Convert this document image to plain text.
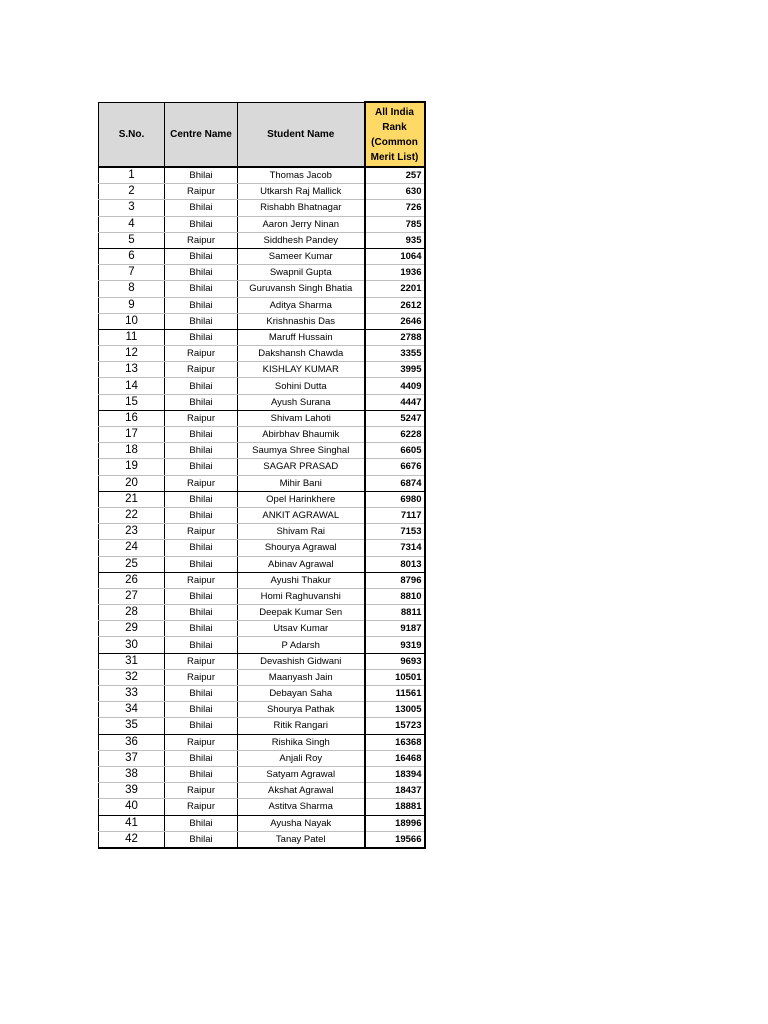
S.No.	Centre Name	Student Name	All India
Rank
(Common
Merit List)
1	Bhilai	Thomas Jacob	257
2	Raipur	Utkarsh Raj Mallick	630
3	Bhilai	Rishabh Bhatnagar	726
4	Bhilai	Aaron Jerry Ninan	785
5	Raipur	Siddhesh Pandey	935
6	Bhilai	Sameer Kumar	1064
7	Bhilai	Swapnil Gupta	1936
8	Bhilai	Guruvansh Singh Bhatia	2201
9	Bhilai	Aditya Sharma	2612
10	Bhilai	Krishnashis Das	2646
11	Bhilai	Maruff Hussain	2788
12	Raipur	Dakshansh Chawda	3355
13	Raipur	KISHLAY KUMAR	3995
14	Bhilai	Sohini Dutta	4409
15	Bhilai	Ayush Surana	4447
16	Raipur	Shivam Lahoti	5247
17	Bhilai	Abirbhav Bhaumik	6228
18	Bhilai	Saumya Shree Singhal	6605
19	Bhilai	SAGAR PRASAD	6676
20	Raipur	Mihir Bani	6874
21	Bhilai	Opel Harinkhere	6980
22	Bhilai	ANKIT AGRAWAL	7117
23	Raipur	Shivam Rai	7153
24	Bhilai	Shourya Agrawal	7314
25	Bhilai	Abinav Agrawal	8013
26	Raipur	Ayushi Thakur	8796
27	Bhilai	Homi Raghuvanshi	8810
28	Bhilai	Deepak Kumar Sen	8811
29	Bhilai	Utsav Kumar	9187
30	Bhilai	P Adarsh	9319
31	Raipur	Devashish Gidwani	9693
32	Raipur	Maanyash Jain	10501
33	Bhilai	Debayan Saha	11561
34	Bhilai	Shourya Pathak	13005
35	Bhilai	Ritik Rangari	15723
36	Raipur	Rishika Singh	16368
37	Bhilai	Anjali Roy	16468
38	Bhilai	Satyam Agrawal	18394
39	Raipur	Akshat Agrawal	18437
40	Raipur	Astitva Sharma	18881
41	Bhilai	Ayusha Nayak	18996
42	Bhilai	Tanay Patel	19566
